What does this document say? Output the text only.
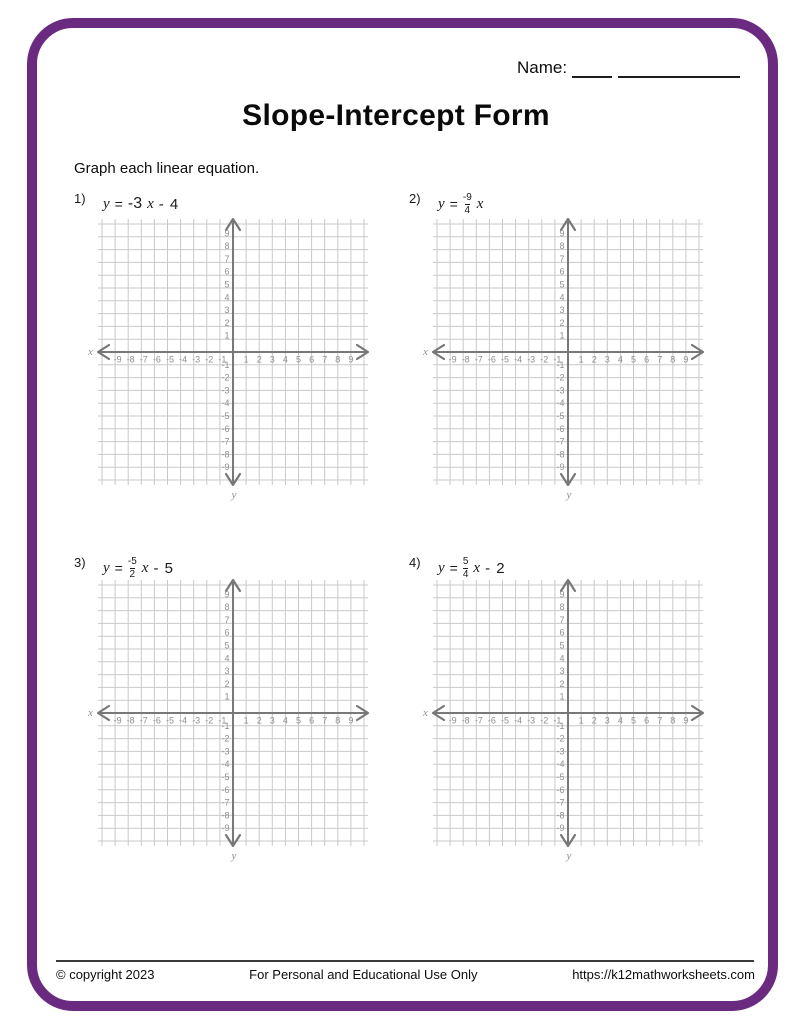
Name:
Slope-Intercept Form
Graph each linear equation.
1) y = -3 x - 4
-9 -8 -7 -6 -5 -4 -3 -2 -1 1 2 3 4 5 6 7 8 9
9
8
7
6
5
4
3
2
1
-1
-2
-3
-4
-5
-6
-7
-8
-9
x
y
2) $y = \frac{-9}{4}$ x
-9 -8 -7 -6 -5 -4 -3 -2 -1 1 2 3 4 5 6 7 8 9
9
8
7
6
5
4
3
2
1
-1
-2
-3
-4
-5
-6
-7
-8
-9
x
y
3) $y = \frac{-5}{2}$ x - 5
-9 -8 -7 -6 -5 -4 -3 -2 -1 1 2 3 4 5 6 7 8 9
9
8
7
6
5
4
3
2
1
-1
-2
-3
-4
-5
-6
-7
-8
-9
x
y
4) $y = \frac{5}{4}$ x - 2
-9 -8 -7 -6 -5 -4 -3 -2 -1 1 2 3 4 5 6 7 8 9
9
8
7
6
5
4
3
2
1
-1
-2
-3
-4
-5
-6
-7
-8
-9
x
y
© copyright 2023	For Personal and Educational Use Only	https://k12mathworksheets.com
